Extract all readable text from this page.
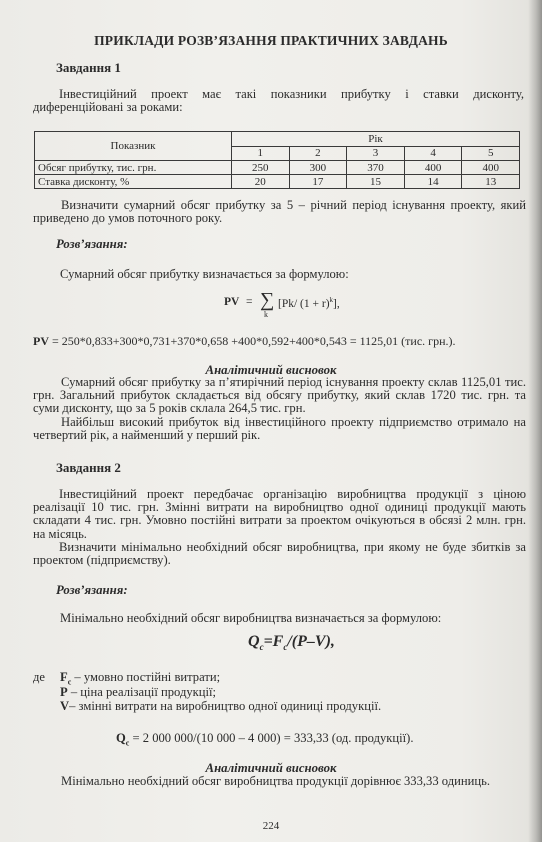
ПРИКЛАДИ РОЗВ’ЯЗАННЯ ПРАКТИЧНИХ ЗАВДАНЬ
Завдання 1
Інвестиційний проект має такі показники прибутку і ставки дисконту, диференційовані за роками:
Показник	Рік				
	1	2	3	4	5
Обсяг прибутку, тис. грн.	250	300	370	400	400
Ставка дисконту, %	20	17	15	14	13
Визначити сумарний обсяг прибутку за 5 – річний період існування проекту, який приведено до умов поточного року.
Розв’язання:
Сумарний обсяг прибутку визначається за формулою:
PV = ∑
k
[Pk/ $(1 + r)^k$],
PV = 250*0,833+300*0,731+370*0,658 +400*0,592+400*0,543 = 1125,01 (тис. грн.).
Аналітичний висновок
Сумарний обсяг прибутку за п’ятирічний період існування проекту склав 1125,01 тис. грн. Загальний прибуток складається від обсягу прибутку, який склав 1720 тис. грн. та суми дисконту, що за 5 років склала 264,5 тис. грн.
Найбільш високий прибуток від інвестиційного проекту підприємство отримало на четвертий рік, а найменший у перший рік.
Завдання 2
Інвестиційний проект передбачає організацію виробництва продукції з ціною реалізації 10 тис. грн. Змінні витрати на виробництво одної одиниці продукції мають складати 4 тис. грн. Умовно постійні витрати за проектом очікуються в обсязі 2 млн. грн. на місяць.
Визначити мінімально необхідний обсяг виробництва, при якому не буде збитків за проектом (підприємству).
Розв’язання:
Мінімально необхідний обсяг виробництва визначається за формулою:
$Q_c=F_c/(P-V)$,
де $F_c$ – умовно постійні витрати;
P – ціна реалізації продукції;
V– змінні витрати на виробництво одної одиниці продукції.
$Q_c = 2$ 000 000/(10 000 – 4 000) = 333,33 (од. продукції).
Аналітичний висновок
Мінімально необхідний обсяг виробництва продукції дорівнює 333,33 одиниць.
224
